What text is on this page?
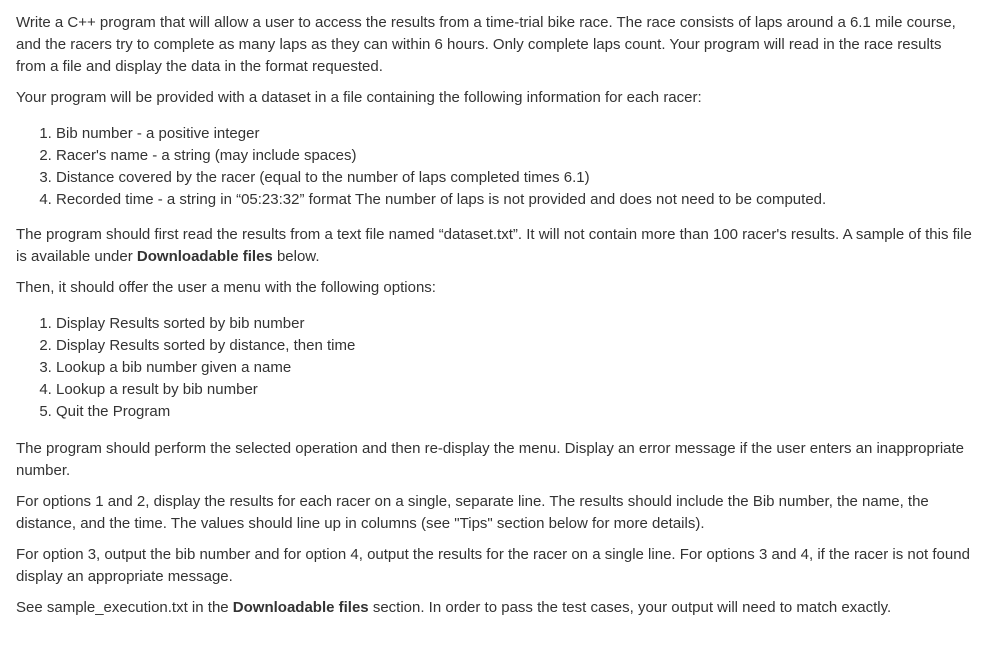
Write a C++ program that will allow a user to access the results from a time-trial bike race. The race consists of laps around a 6.1 mile course, and the racers try to complete as many laps as they can within 6 hours. Only complete laps count. Your program will read in the race results from a file and display the data in the format requested.

Your program will be provided with a dataset in a file containing the following information for each racer:

1. Bib number - a positive integer
2. Racer's name - a string (may include spaces)
3. Distance covered by the racer (equal to the number of laps completed times 6.1)
4. Recorded time - a string in “05:23:32” format The number of laps is not provided and does not need to be computed.

The program should first read the results from a text file named “dataset.txt”. It will not contain more than 100 racer's results. A sample of this file is available under Downloadable files below.

Then, it should offer the user a menu with the following options:

1. Display Results sorted by bib number
2. Display Results sorted by distance, then time
3. Lookup a bib number given a name
4. Lookup a result by bib number
5. Quit the Program

The program should perform the selected operation and then re-display the menu. Display an error message if the user enters an inappropriate number.

For options 1 and 2, display the results for each racer on a single, separate line. The results should include the Bib number, the name, the distance, and the time. The values should line up in columns (see "Tips" section below for more details).

For option 3, output the bib number and for option 4, output the results for the racer on a single line. For options 3 and 4, if the racer is not found display an appropriate message.

See sample_execution.txt in the Downloadable files section. In order to pass the test cases, your output will need to match exactly.
